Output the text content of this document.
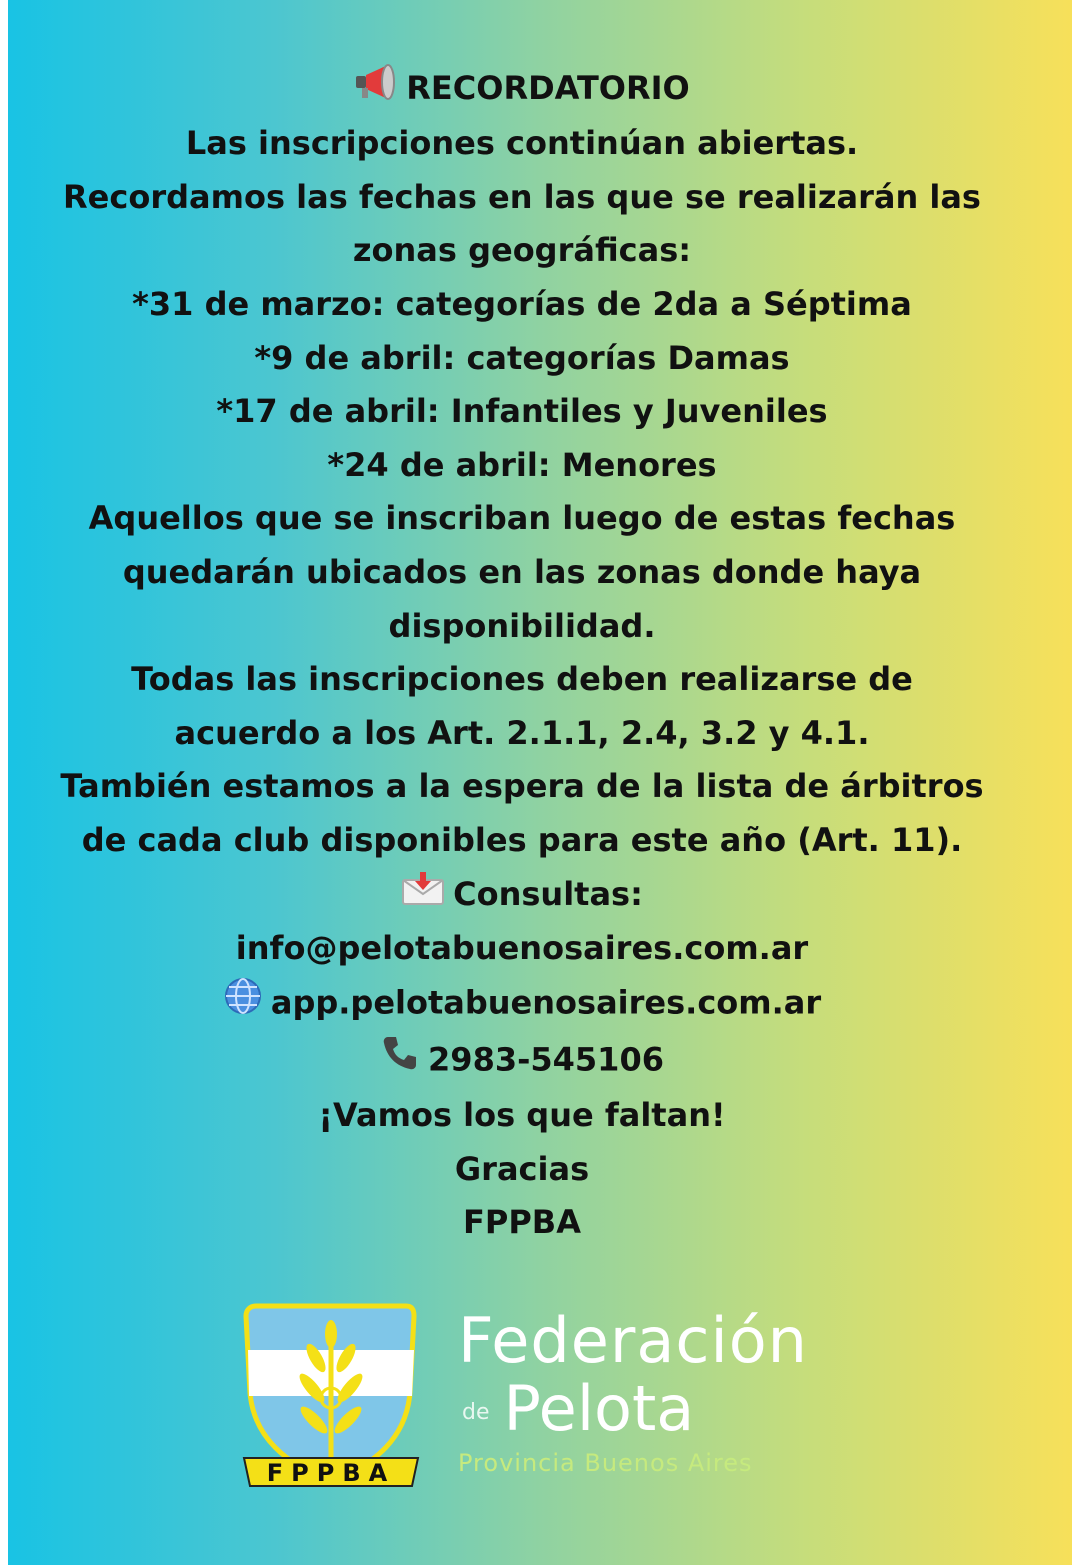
RECORDATORIO
Las inscripciones continúan abiertas.
Recordamos las fechas en las que se realizarán las
zonas geográficas:
*31 de marzo: categorías de 2da a Séptima
*9 de abril: categorías Damas
*17 de abril: Infantiles y Juveniles
*24 de abril: Menores
Aquellos que se inscriban luego de estas fechas
quedarán ubicados en las zonas donde haya
disponibilidad.
Todas las inscripciones deben realizarse de
acuerdo a los Art. 2.1.1, 2.4, 3.2 y 4.1.
También estamos a la espera de la lista de árbitros
de cada club disponibles para este año (Art. 11).
Consultas:
info@pelotabuenosaires.com.ar
app.pelotabuenosaires.com.ar
2983-545106
¡Vamos los que faltan!
Gracias
FPPBA
FPPBA
Federación
de Pelota
Provincia Buenos Aires
